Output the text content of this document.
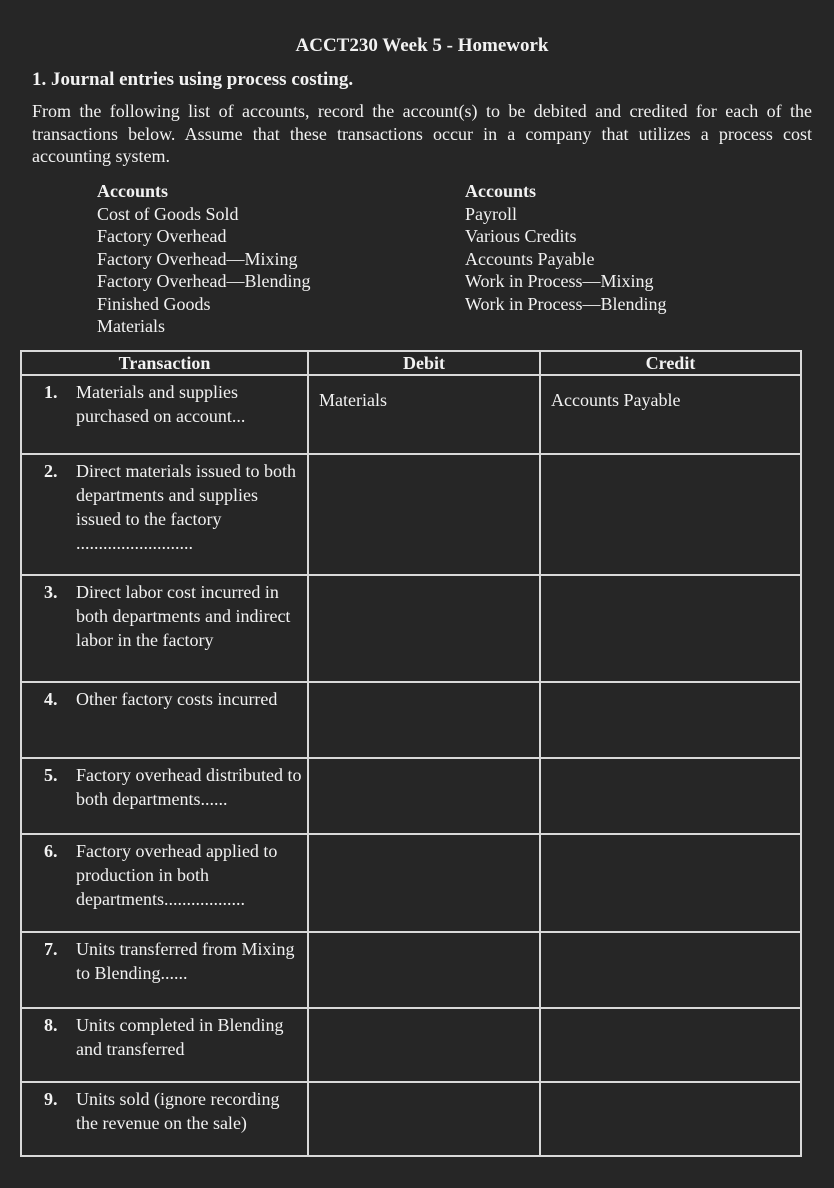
ACCT230 Week 5 - Homework
1. Journal entries using process costing.
From the following list of accounts, record the account(s) to be debited and credited for each of the transactions below. Assume that these transactions occur in a company that utilizes a process cost accounting system.
Accounts
Cost of Goods Sold
Factory Overhead
Factory Overhead—Mixing
Factory Overhead—Blending
Finished Goods
Materials
Accounts
Payroll
Various Credits
Accounts Payable
Work in Process—Mixing
Work in Process—Blending
Transaction	Debit	Credit

1. Materials and supplies purchased on account...	Materials	Accounts Payable

2. Direct materials issued to both departments and supplies issued to the factory ..........................		

3. Direct labor cost incurred in both departments and indirect labor in the factory		

4. Other factory costs incurred		

5. Factory overhead distributed to both departments......		

6. Factory overhead applied to production in both departments..................		

7. Units transferred from Mixing to Blending......		

8. Units completed in Blending and transferred		

9. Units sold (ignore recording the revenue on the sale)		
